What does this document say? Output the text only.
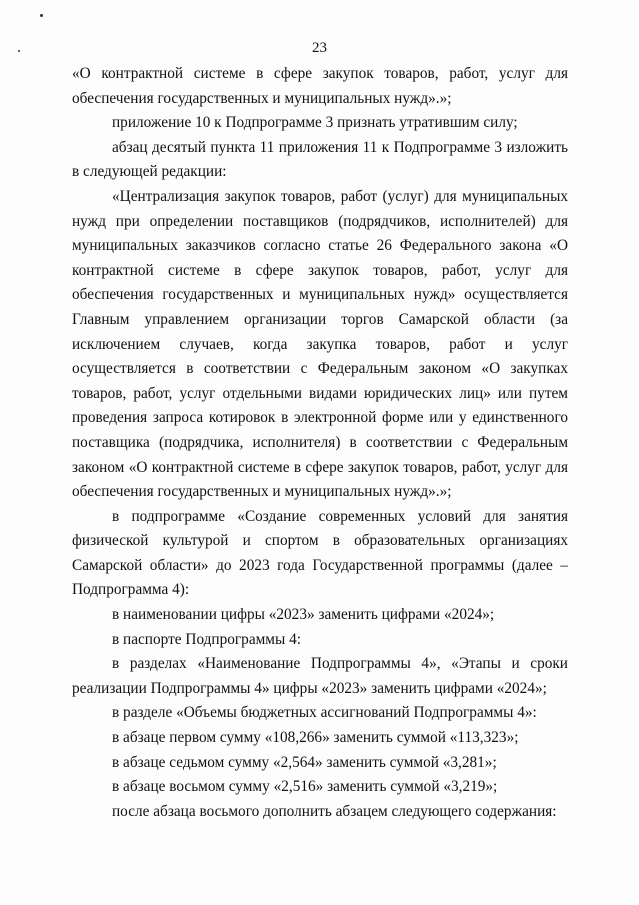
23

«О контрактной системе в сфере закупок товаров, работ, услуг для обеспечения государственных и муниципальных нужд».»;

приложение 10 к Подпрограмме 3 признать утратившим силу;

абзац десятый пункта 11 приложения 11 к Подпрограмме 3 изложить в следующей редакции:

«Централизация закупок товаров, работ (услуг) для муниципальных нужд при определении поставщиков (подрядчиков, исполнителей) для муниципальных заказчиков согласно статье 26 Федерального закона «О контрактной системе в сфере закупок товаров, работ, услуг для обеспечения государственных и муниципальных нужд» осуществляется Главным управлением организации торгов Самарской области (за исключением случаев, когда закупка товаров, работ и услуг осуществляется в соответствии с Федеральным законом «О закупках товаров, работ, услуг отдельными видами юридических лиц» или путем проведения запроса котировок в электронной форме или у единственного поставщика (подрядчика, исполнителя) в соответствии с Федеральным законом «О контрактной системе в сфере закупок товаров, работ, услуг для обеспечения государственных и муниципальных нужд».»;

в подпрограмме «Создание современных условий для занятия физической культурой и спортом в образовательных организациях Самарской области» до 2023 года Государственной программы (далее – Подпрограмма 4):

в наименовании цифры «2023» заменить цифрами «2024»;

в паспорте Подпрограммы 4:

в разделах «Наименование Подпрограммы 4», «Этапы и сроки реализации Подпрограммы 4» цифры «2023» заменить цифрами «2024»;

в разделе «Объемы бюджетных ассигнований Подпрограммы 4»:

в абзаце первом сумму «108,266» заменить суммой «113,323»;

в абзаце седьмом сумму «2,564» заменить суммой «3,281»;

в абзаце восьмом сумму «2,516» заменить суммой «3,219»;

после абзаца восьмого дополнить абзацем следующего содержания:
